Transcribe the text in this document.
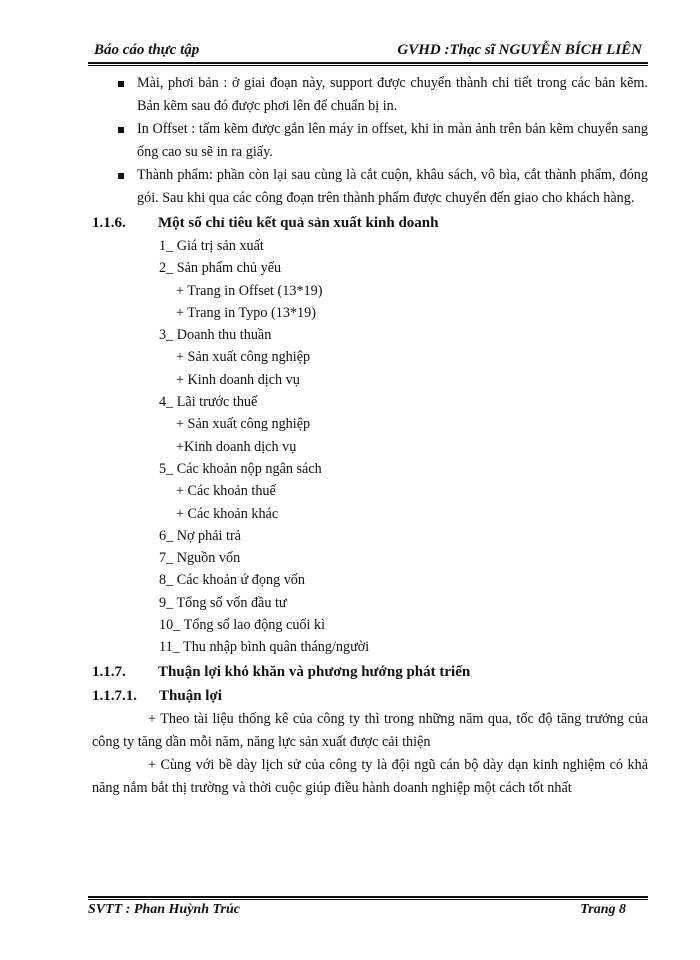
Báo cáo thực tập	GVHD :Thạc sĩ NGUYỄN BÍCH LIÊN
Mài, phơi bản : ở giai đoạn này, support được chuyển thành chi tiết trong các bản kẽm. Bản kẽm sau đó được phơi lên để chuẩn bị in.
In Offset : tấm kẽm được gắn lên máy in offset, khi in màn ảnh trên bản kẽm chuyển sang ống cao su sẽ in ra giấy.
Thành phẩm: phần còn lại sau cùng là cắt cuộn, khâu sách, vô bìa, cắt thành phẩm, đóng gói. Sau khi qua các công đoạn trên thành phẩm được chuyển đến giao cho khách hàng.
1.1.6. Một số chỉ tiêu kết quả sản xuất kinh doanh
1_ Giá trị sản xuất
2_ Sản phẩm chủ yếu
+ Trang in Offset (13*19)
+ Trang in Typo (13*19)
3_ Doanh thu thuần
+ Sản xuất công nghiệp
+ Kinh doanh dịch vụ
4_ Lãi trước thuế
+ Sản xuất công nghiệp
+Kinh doanh dịch vụ
5_ Các khoản nộp ngân sách
+ Các khoản thuế
+ Các khoản khác
6_ Nợ phải trả
7_ Nguồn vốn
8_ Các khoản ứ đọng vốn
9_ Tổng số vốn đầu tư
10_ Tổng số lao động cuối kì
11_ Thu nhập bình quân tháng/người
1.1.7. Thuận lợi khó khăn và phương hướng phát triển
1.1.7.1. Thuận lợi

+ Theo tài liệu thống kê của công ty thì trong những năm qua, tốc độ tăng trưởng của công ty tăng dần mỗi năm, năng lực sản xuất được cải thiện

+ Cùng với bề dày lịch sử của công ty là đội ngũ cán bộ dày dạn kinh nghiệm có khả năng nắm bắt thị trường và thời cuộc giúp điều hành doanh nghiệp một cách tốt nhất

SVTT : Phan Huỳnh Trúc	Trang 8
